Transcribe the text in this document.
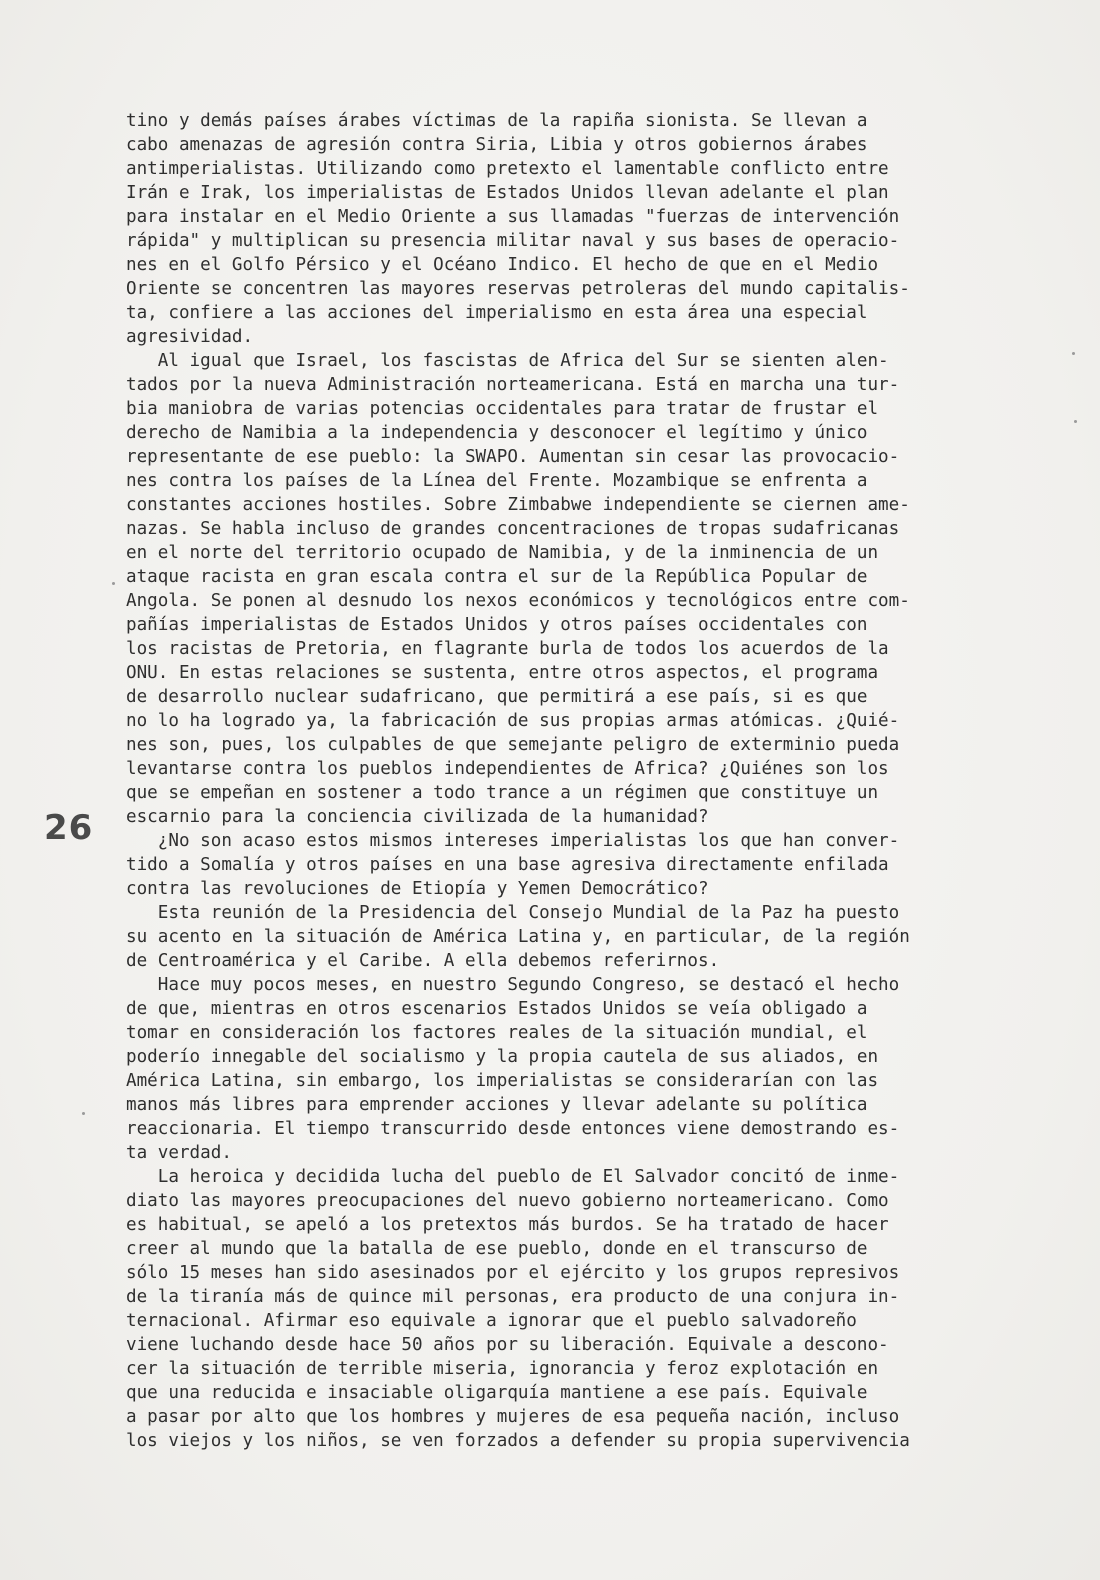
26
tino y demás países árabes víctimas de la rapiña sionista. Se llevan a
cabo amenazas de agresión contra Siria, Libia y otros gobiernos árabes
antimperialistas. Utilizando como pretexto el lamentable conflicto entre
Irán e Irak, los imperialistas de Estados Unidos llevan adelante el plan
para instalar en el Medio Oriente a sus llamadas "fuerzas de intervención
rápida" y multiplican su presencia militar naval y sus bases de operacio-
nes en el Golfo Pérsico y el Océano Indico. El hecho de que en el Medio
Oriente se concentren las mayores reservas petroleras del mundo capitalis-
ta, confiere a las acciones del imperialismo en esta área una especial
agresividad.
Al igual que Israel, los fascistas de Africa del Sur se sienten alen-
tados por la nueva Administración norteamericana. Está en marcha una tur-
bia maniobra de varias potencias occidentales para tratar de frustar el
derecho de Namibia a la independencia y desconocer el legítimo y único
representante de ese pueblo: la SWAPO. Aumentan sin cesar las provocacio-
nes contra los países de la Línea del Frente. Mozambique se enfrenta a
constantes acciones hostiles. Sobre Zimbabwe independiente se ciernen ame-
nazas. Se habla incluso de grandes concentraciones de tropas sudafricanas
en el norte del territorio ocupado de Namibia, y de la inminencia de un
ataque racista en gran escala contra el sur de la República Popular de
Angola. Se ponen al desnudo los nexos económicos y tecnológicos entre com-
pañías imperialistas de Estados Unidos y otros países occidentales con
los racistas de Pretoria, en flagrante burla de todos los acuerdos de la
ONU. En estas relaciones se sustenta, entre otros aspectos, el programa
de desarrollo nuclear sudafricano, que permitirá a ese país, si es que
no lo ha logrado ya, la fabricación de sus propias armas atómicas. ¿Quié-
nes son, pues, los culpables de que semejante peligro de exterminio pueda
levantarse contra los pueblos independientes de Africa? ¿Quiénes son los
que se empeñan en sostener a todo trance a un régimen que constituye un
escarnio para la conciencia civilizada de la humanidad?
¿No son acaso estos mismos intereses imperialistas los que han conver-
tido a Somalía y otros países en una base agresiva directamente enfilada
contra las revoluciones de Etiopía y Yemen Democrático?
Esta reunión de la Presidencia del Consejo Mundial de la Paz ha puesto
su acento en la situación de América Latina y, en particular, de la región
de Centroamérica y el Caribe. A ella debemos referirnos.
Hace muy pocos meses, en nuestro Segundo Congreso, se destacó el hecho
de que, mientras en otros escenarios Estados Unidos se veía obligado a
tomar en consideración los factores reales de la situación mundial, el
poderío innegable del socialismo y la propia cautela de sus aliados, en
América Latina, sin embargo, los imperialistas se considerarían con las
manos más libres para emprender acciones y llevar adelante su política
reaccionaria. El tiempo transcurrido desde entonces viene demostrando es-
ta verdad.
La heroica y decidida lucha del pueblo de El Salvador concitó de inme-
diato las mayores preocupaciones del nuevo gobierno norteamericano. Como
es habitual, se apeló a los pretextos más burdos. Se ha tratado de hacer
creer al mundo que la batalla de ese pueblo, donde en el transcurso de
sólo 15 meses han sido asesinados por el ejército y los grupos represivos
de la tiranía más de quince mil personas, era producto de una conjura in-
ternacional. Afirmar eso equivale a ignorar que el pueblo salvadoreño
viene luchando desde hace 50 años por su liberación. Equivale a descono-
cer la situación de terrible miseria, ignorancia y feroz explotación en
que una reducida e insaciable oligarquía mantiene a ese país. Equivale
a pasar por alto que los hombres y mujeres de esa pequeña nación, incluso
los viejos y los niños, se ven forzados a defender su propia supervivencia
